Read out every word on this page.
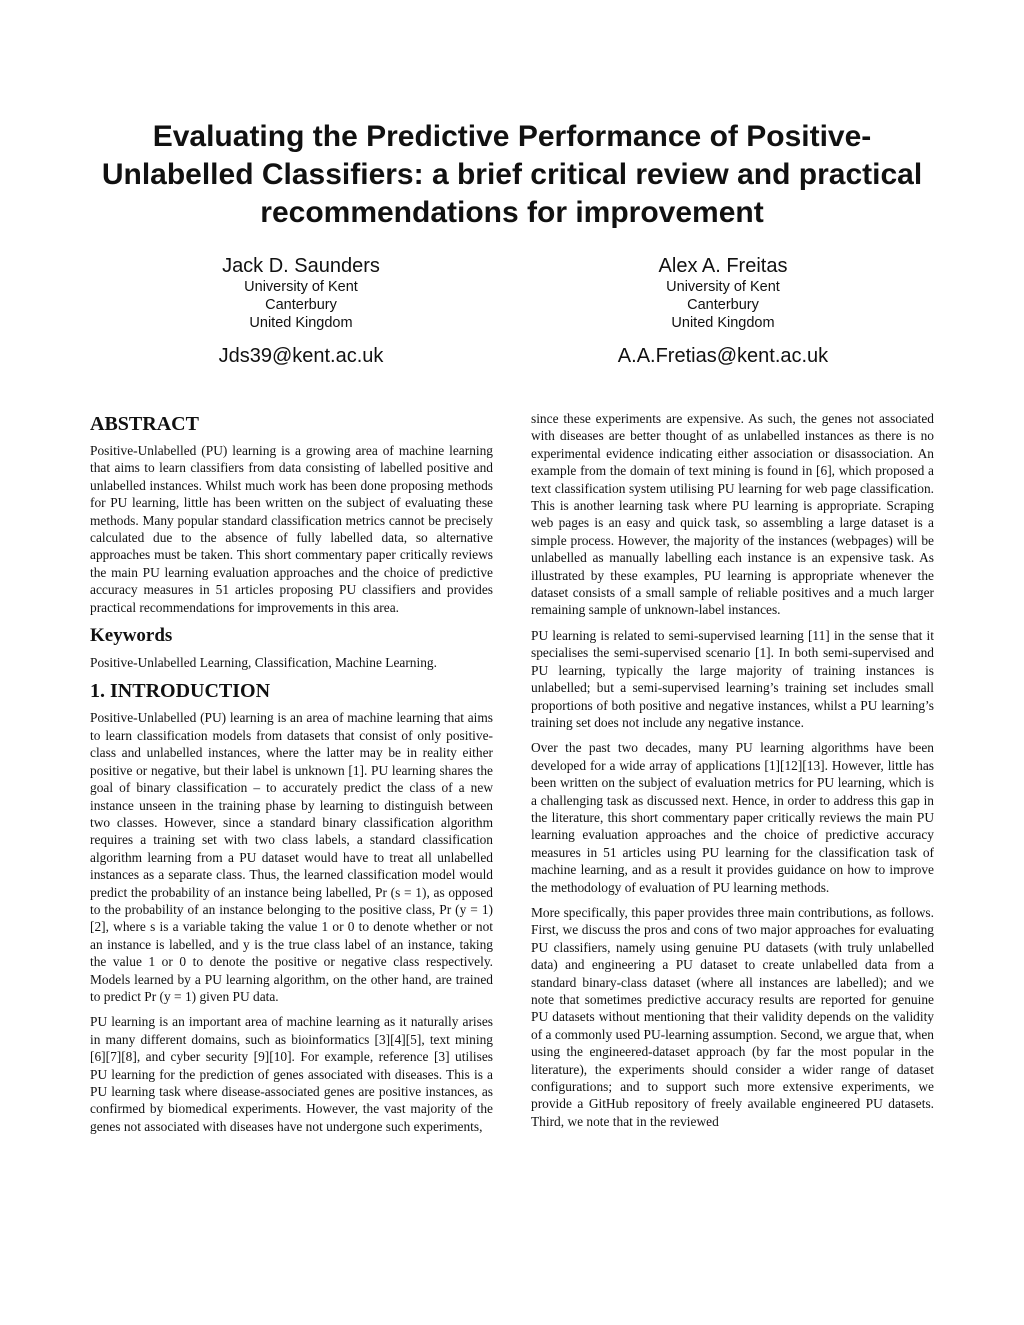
Evaluating the Predictive Performance of Positive-Unlabelled Classifiers: a brief critical review and practical recommendations for improvement
Jack D. Saunders
University of Kent
Canterbury
United Kingdom
Jds39@kent.ac.uk
Alex A. Freitas
University of Kent
Canterbury
United Kingdom
A.A.Fretias@kent.ac.uk
ABSTRACT

Positive-Unlabelled (PU) learning is a growing area of machine learning that aims to learn classifiers from data consisting of labelled positive and unlabelled instances. Whilst much work has been done proposing methods for PU learning, little has been written on the subject of evaluating these methods. Many popular standard classification metrics cannot be precisely calculated due to the absence of fully labelled data, so alternative approaches must be taken. This short commentary paper critically reviews the main PU learning evaluation approaches and the choice of predictive accuracy measures in 51 articles proposing PU classifiers and provides practical recommendations for improvements in this area.

Keywords

Positive-Unlabelled Learning, Classification, Machine Learning.

1. INTRODUCTION

Positive-Unlabelled (PU) learning is an area of machine learning that aims to learn classification models from datasets that consist of only positive-class and unlabelled instances, where the latter may be in reality either positive or negative, but their label is unknown [1]. PU learning shares the goal of binary classification – to accurately predict the class of a new instance unseen in the training phase by learning to distinguish between two classes. However, since a standard binary classification algorithm requires a training set with two class labels, a standard classification algorithm learning from a PU dataset would have to treat all unlabelled instances as a separate class. Thus, the learned classification model would predict the probability of an instance being labelled, Pr (s = 1), as opposed to the probability of an instance belonging to the positive class, Pr (y = 1) [2], where s is a variable taking the value 1 or 0 to denote whether or not an instance is labelled, and y is the true class label of an instance, taking the value 1 or 0 to denote the positive or negative class respectively. Models learned by a PU learning algorithm, on the other hand, are trained to predict Pr (y = 1) given PU data.

PU learning is an important area of machine learning as it naturally arises in many different domains, such as bioinformatics [3][4][5], text mining [6][7][8], and cyber security [9][10]. For example, reference [3] utilises PU learning for the prediction of genes associated with diseases. This is a PU learning task where disease-associated genes are positive instances, as confirmed by biomedical experiments. However, the vast majority of the genes not associated with diseases have not undergone such experiments,

since these experiments are expensive. As such, the genes not associated with diseases are better thought of as unlabelled instances as there is no experimental evidence indicating either association or disassociation. An example from the domain of text mining is found in [6], which proposed a text classification system utilising PU learning for web page classification. This is another learning task where PU learning is appropriate. Scraping web pages is an easy and quick task, so assembling a large dataset is a simple process. However, the majority of the instances (webpages) will be unlabelled as manually labelling each instance is an expensive task. As illustrated by these examples, PU learning is appropriate whenever the dataset consists of a small sample of reliable positives and a much larger remaining sample of unknown-label instances.

PU learning is related to semi-supervised learning [11] in the sense that it specialises the semi-supervised scenario [1]. In both semi-supervised and PU learning, typically the large majority of training instances is unlabelled; but a semi-supervised learning’s training set includes small proportions of both positive and negative instances, whilst a PU learning’s training set does not include any negative instance.

Over the past two decades, many PU learning algorithms have been developed for a wide array of applications [1][12][13]. However, little has been written on the subject of evaluation metrics for PU learning, which is a challenging task as discussed next. Hence, in order to address this gap in the literature, this short commentary paper critically reviews the main PU learning evaluation approaches and the choice of predictive accuracy measures in 51 articles using PU learning for the classification task of machine learning, and as a result it provides guidance on how to improve the methodology of evaluation of PU learning methods.

More specifically, this paper provides three main contributions, as follows. First, we discuss the pros and cons of two major approaches for evaluating PU classifiers, namely using genuine PU datasets (with truly unlabelled data) and engineering a PU dataset to create unlabelled data from a standard binary-class dataset (where all instances are labelled); and we note that sometimes predictive accuracy results are reported for genuine PU datasets without mentioning that their validity depends on the validity of a commonly used PU-learning assumption. Second, we argue that, when using the engineered-dataset approach (by far the most popular in the literature), the experiments should consider a wider range of dataset configurations; and to support such more extensive experiments, we provide a GitHub repository of freely available engineered PU datasets. Third, we note that in the reviewed
